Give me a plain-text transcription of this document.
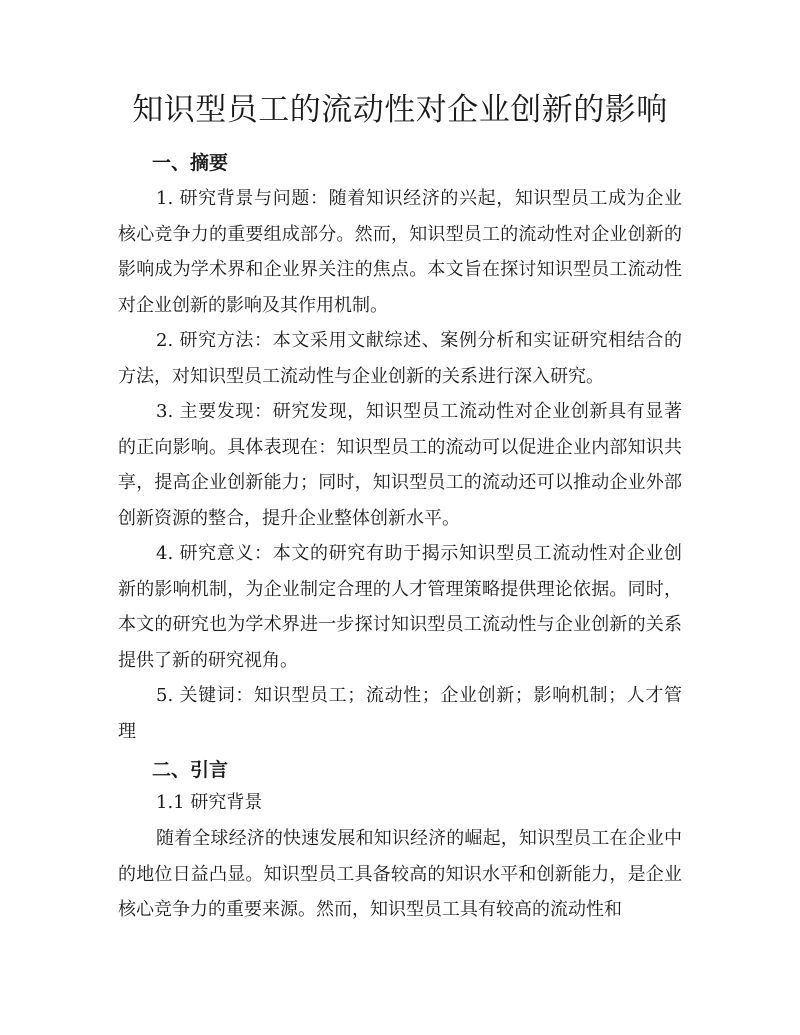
知识型员工的流动性对企业创新的影响
一、摘要

1. 研究背景与问题：随着知识经济的兴起，知识型员工成为企业核心竞争力的重要组成部分。然而，知识型员工的流动性对企业创新的影响成为学术界和企业界关注的焦点。本文旨在探讨知识型员工流动性对企业创新的影响及其作用机制。

2. 研究方法：本文采用文献综述、案例分析和实证研究相结合的方法，对知识型员工流动性与企业创新的关系进行深入研究。

3. 主要发现：研究发现，知识型员工流动性对企业创新具有显著的正向影响。具体表现在：知识型员工的流动可以促进企业内部知识共享，提高企业创新能力；同时，知识型员工的流动还可以推动企业外部创新资源的整合，提升企业整体创新水平。

4. 研究意义：本文的研究有助于揭示知识型员工流动性对企业创新的影响机制，为企业制定合理的人才管理策略提供理论依据。同时，本文的研究也为学术界进一步探讨知识型员工流动性与企业创新的关系提供了新的研究视角。

5. 关键词：知识型员工；流动性；企业创新；影响机制；人才管理

二、引言

1.1 研究背景

随着全球经济的快速发展和知识经济的崛起，知识型员工在企业中的地位日益凸显。知识型员工具备较高的知识水平和创新能力，是企业核心竞争力的重要来源。然而，知识型员工具有较高的流动性和
